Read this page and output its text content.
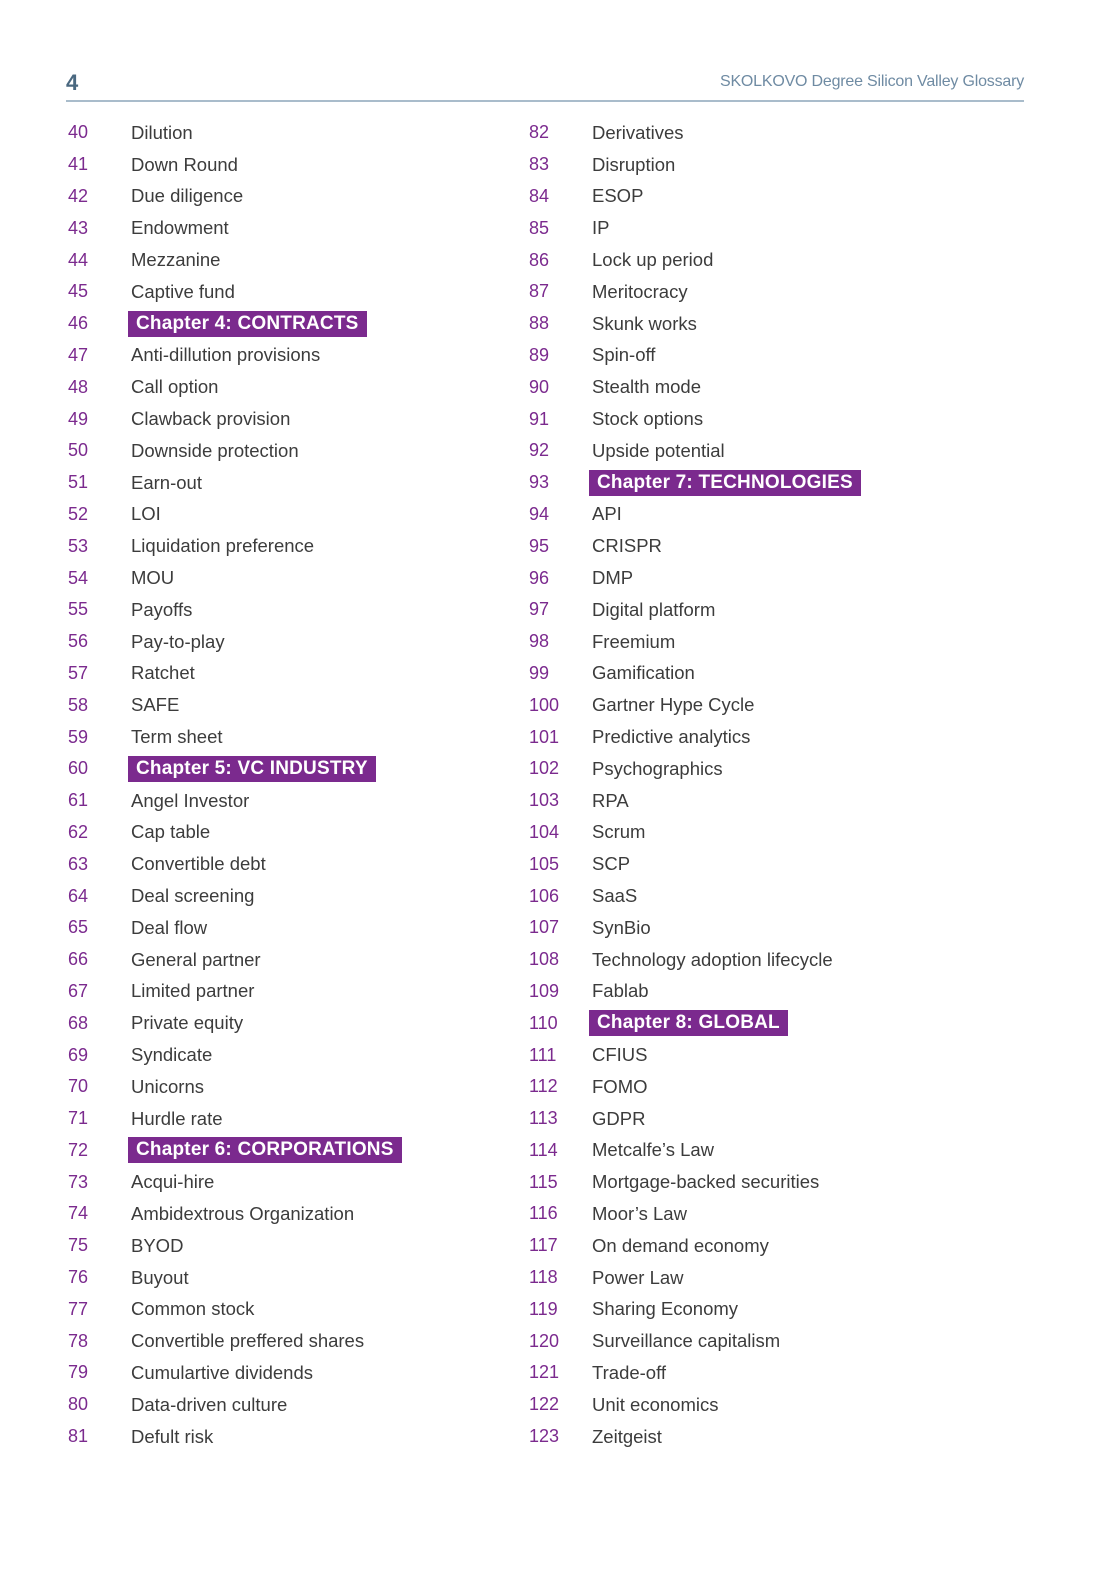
4	SKOLKOVO Degree Silicon Valley Glossary
40	Dilution
41	Down Round
42	Due diligence
43	Endowment
44	Mezzanine
45	Captive fund
46	Chapter 4: CONTRACTS
47	Anti-dillution provisions
48	Call option
49	Clawback provision
50	Downside protection
51	Earn-out
52	LOI
53	Liquidation preference
54	MOU
55	Payoffs
56	Pay-to-play
57	Ratchet
58	SAFE
59	Term sheet
60	Chapter 5: VC INDUSTRY
61	Angel Investor
62	Cap table
63	Convertible debt
64	Deal screening
65	Deal flow
66	General partner
67	Limited partner
68	Private equity
69	Syndicate
70	Unicorns
71	Hurdle rate
72	Chapter 6: CORPORATIONS
73	Acqui-hire
74	Ambidextrous Organization
75	BYOD
76	Buyout
77	Common stock
78	Convertible preffered shares
79	Cumulartive dividends
80	Data-driven culture
81	Defult risk
82	Derivatives
83	Disruption
84	ESOP
85	IP
86	Lock up period
87	Meritocracy
88	Skunk works
89	Spin-off
90	Stealth mode
91	Stock options
92	Upside potential
93	Chapter 7: TECHNOLOGIES
94	API
95	CRISPR
96	DMP
97	Digital platform
98	Freemium
99	Gamification
100	Gartner Hype Cycle
101	Predictive analytics
102	Psychographics
103	RPA
104	Scrum
105	SCP
106	SaaS
107	SynBio
108	Technology adoption lifecycle
109	Fablab
110	Chapter 8: GLOBAL
111	CFIUS
112	FOMO
113	GDPR
114	Metcalfe’s Law
115	Mortgage-backed securities
116	Moor’s Law
117	On demand economy
118	Power Law
119	Sharing Economy
120	Surveillance capitalism
121	Trade-off
122	Unit economics
123	Zeitgeist
